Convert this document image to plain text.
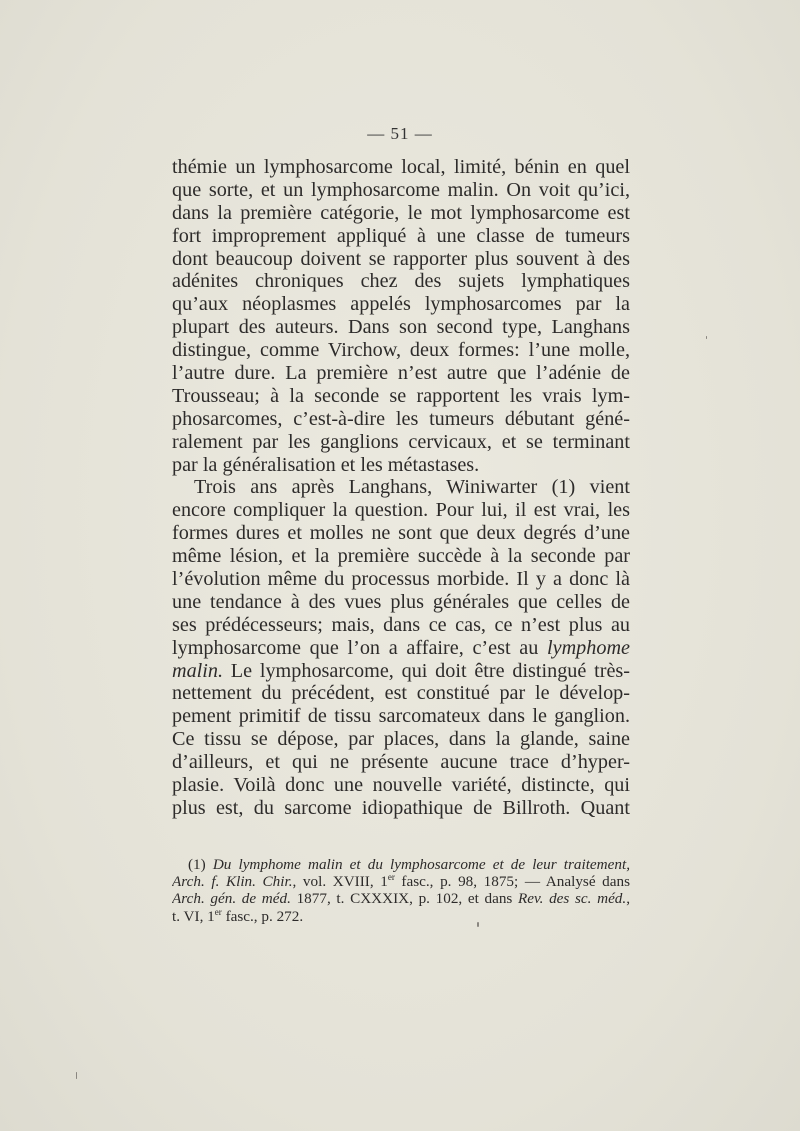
— 51 —
thémie un lymphosarcome local, limité, bénin en quel
que sorte, et un lymphosarcome malin. On voit qu’ici,
dans la première catégorie, le mot lymphosarcome est
fort improprement appliqué à une classe de tumeurs
dont beaucoup doivent se rapporter plus souvent à des
adénites chroniques chez des sujets lymphatiques
qu’aux néoplasmes appelés lymphosarcomes par la
plupart des auteurs. Dans son second type, Langhans
distingue, comme Virchow, deux formes: l’une molle,
l’autre dure. La première n’est autre que l’adénie de
Trousseau; à la seconde se rapportent les vrais lym-
phosarcomes, c’est-à-dire les tumeurs débutant géné-
ralement par les ganglions cervicaux, et se terminant
par la généralisation et les métastases.
Trois ans après Langhans, Winiwarter (1) vient
encore compliquer la question. Pour lui, il est vrai, les
formes dures et molles ne sont que deux degrés d’une
même lésion, et la première succède à la seconde par
l’évolution même du processus morbide. Il y a donc là
une tendance à des vues plus générales que celles de
ses prédécesseurs; mais, dans ce cas, ce n’est plus au
lymphosarcome que l’on a affaire, c’est au lymphome
malin. Le lymphosarcome, qui doit être distingué très-
nettement du précédent, est constitué par le dévelop-
pement primitif de tissu sarcomateux dans le ganglion.
Ce tissu se dépose, par places, dans la glande, saine
d’ailleurs, et qui ne présente aucune trace d’hyper-
plasie. Voilà donc une nouvelle variété, distincte, qui
plus est, du sarcome idiopathique de Billroth. Quant
(1) Du lymphome malin et du lymphosarcome et de leur traitement,
Arch. f. Klin. Chir., vol. XVIII, 1er fasc., p. 98, 1875; — Analysé dans
Arch. gén. de méd. 1877, t. CXXXIX, p. 102, et dans Rev. des sc. méd.,
t. VI, 1er fasc., p. 272.
